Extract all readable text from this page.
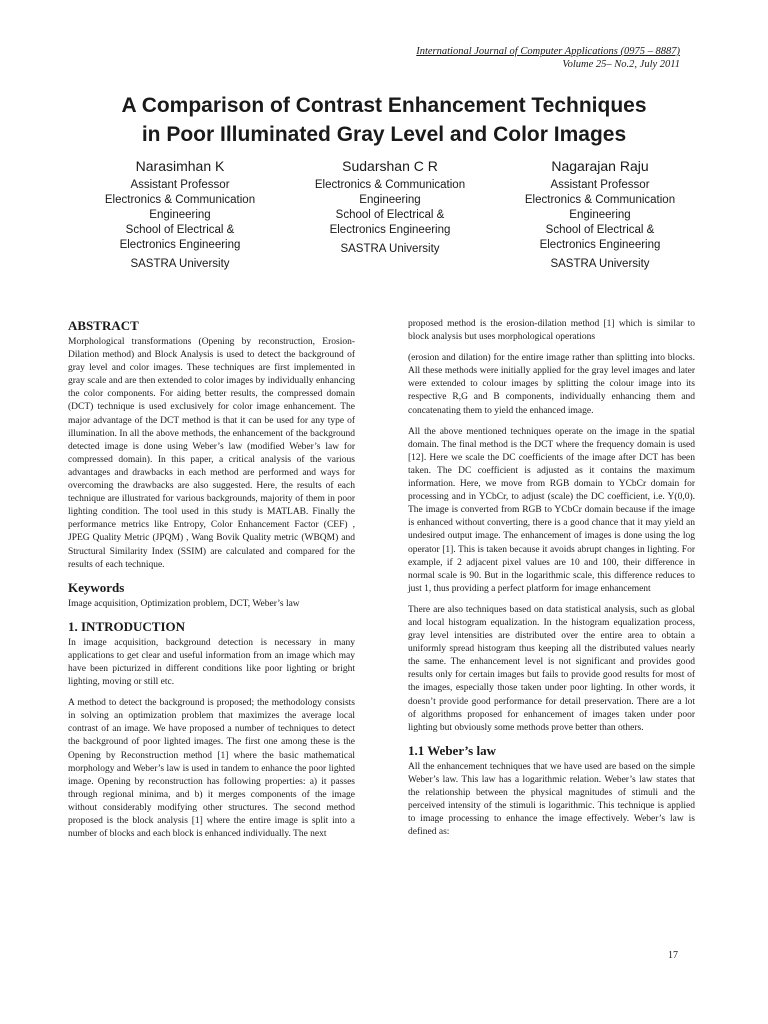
International Journal of Computer Applications (0975 – 8887)
Volume 25– No.2, July 2011
A Comparison of Contrast Enhancement Techniques
in Poor Illuminated Gray Level and Color Images
Narasimhan K
Assistant Professor
Electronics & Communication
Engineering
School of Electrical &
Electronics Engineering
SASTRA University
Sudarshan C R
Electronics & Communication
Engineering
School of Electrical &
Electronics Engineering
SASTRA University
Nagarajan Raju
Assistant Professor
Electronics & Communication
Engineering
School of Electrical &
Electronics Engineering
SASTRA University
ABSTRACT

Morphological transformations (Opening by reconstruction, Erosion-Dilation method) and Block Analysis is used to detect the background of gray level and color images. These techniques are first implemented in gray scale and are then extended to color images by individually enhancing the color components. For aiding better results, the compressed domain (DCT) technique is used exclusively for color image enhancement. The major advantage of the DCT method is that it can be used for any type of illumination. In all the above methods, the enhancement of the background detected image is done using Weber’s law (modified Weber’s law for compressed domain). In this paper, a critical analysis of the various advantages and drawbacks in each method are performed and ways for overcoming the drawbacks are also suggested. Here, the results of each technique are illustrated for various backgrounds, majority of them in poor lighting condition. The tool used in this study is MATLAB. Finally the performance metrics like Entropy, Color Enhancement Factor (CEF) , JPEG Quality Metric (JPQM) , Wang Bovik Quality metric (WBQM) and Structural Similarity Index (SSIM) are calculated and compared for the results of each technique.

Keywords

Image acquisition, Optimization problem, DCT, Weber’s law

1. INTRODUCTION

In image acquisition, background detection is necessary in many applications to get clear and useful information from an image which may have been picturized in different conditions like poor lighting or bright lighting, moving or still etc.

A method to detect the background is proposed; the methodology consists in solving an optimization problem that maximizes the average local contrast of an image. We have proposed a number of techniques to detect the background of poor lighted images. The first one among these is the Opening by Reconstruction method [1] where the basic mathematical morphology and Weber’s law is used in tandem to enhance the poor lighted image. Opening by reconstruction has following properties: a) it passes through regional minima, and b) it merges components of the image without considerably modifying other structures. The second method proposed is the block analysis [1] where the entire image is split into a number of blocks and each block is enhanced individually. The next

proposed method is the erosion-dilation method [1] which is similar to block analysis but uses morphological operations

(erosion and dilation) for the entire image rather than splitting into blocks. All these methods were initially applied for the gray level images and later were extended to colour images by splitting the colour image into its respective R,G and B components, individually enhancing them and concatenating them to yield the enhanced image.

All the above mentioned techniques operate on the image in the spatial domain. The final method is the DCT where the frequency domain is used [12]. Here we scale the DC coefficients of the image after DCT has been taken. The DC coefficient is adjusted as it contains the maximum information. Here, we move from RGB domain to YCbCr domain for processing and in YCbCr, to adjust (scale) the DC coefficient, i.e. Y(0,0). The image is converted from RGB to YCbCr domain because if the image is enhanced without converting, there is a good chance that it may yield an undesired output image. The enhancement of images is done using the log operator [1]. This is taken because it avoids abrupt changes in lighting. For example, if 2 adjacent pixel values are 10 and 100, their difference in normal scale is 90. But in the logarithmic scale, this difference reduces to just 1, thus providing a perfect platform for image enhancement

There are also techniques based on data statistical analysis, such as global and local histogram equalization. In the histogram equalization process, gray level intensities are distributed over the entire area to obtain a uniformly spread histogram thus keeping all the distributed values nearly the same. The enhancement level is not significant and provides good results only for certain images but fails to provide good results for most of the images, especially those taken under poor lighting. In other words, it doesn’t provide good performance for detail preservation. There are a lot of algorithms proposed for enhancement of images taken under poor lighting but obviously some methods prove better than others.

1.1 Weber’s law

All the enhancement techniques that we have used are based on the simple Weber’s law. This law has a logarithmic relation. Weber’s law states that the relationship between the physical magnitudes of stimuli and the perceived intensity of the stimuli is logarithmic. This technique is applied to image processing to enhance the image effectively. Weber’s law is defined as:

17
